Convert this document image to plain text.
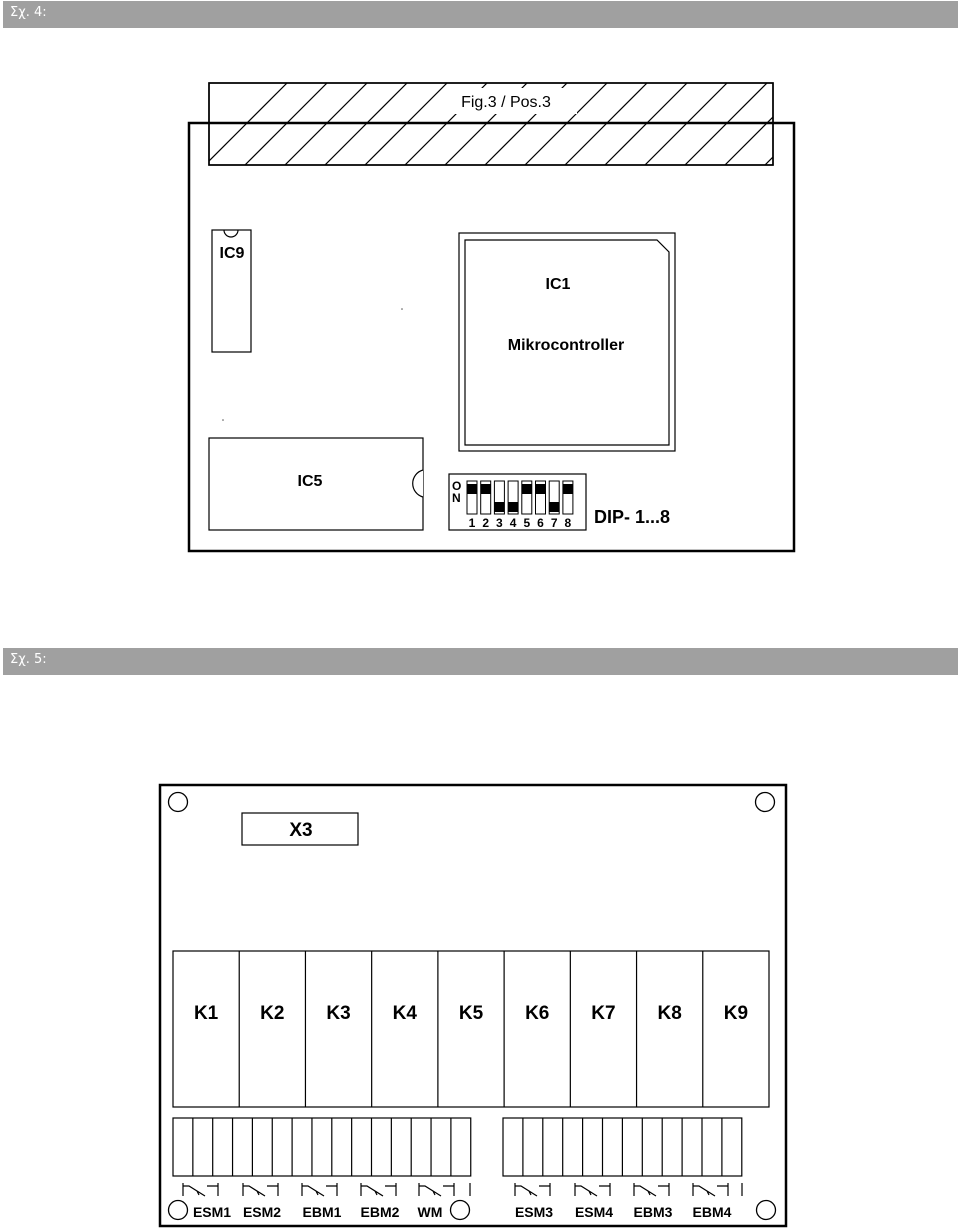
Σχ. 4:
Fig.3 / Pos.3
IC9
IC1
Mikrocontroller
IC5	O
N
1 2 3 4 5 6 7 8 DIP- 1...8
Σχ. 5:
X3
K1 K2 K3 K4 K5 K6 K7 K8 K9
ESM1 ESM2 EBM1 EBM2 WM	ESM3 ESM4 EBM3 EBM4
